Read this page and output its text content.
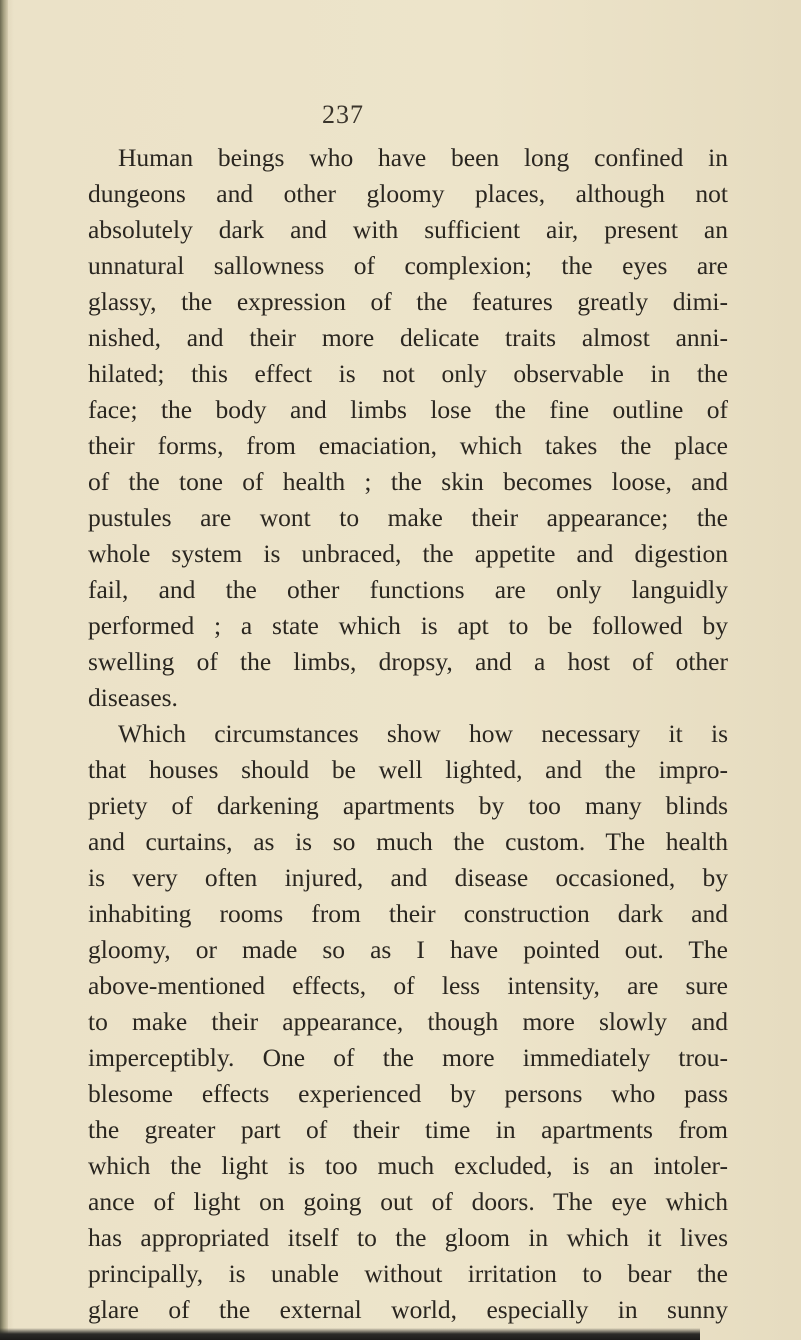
237
Human beings who have been long confined in
dungeons and other gloomy places, although not
absolutely dark and with sufficient air, present an
unnatural sallowness of complexion; the eyes are
glassy, the expression of the features greatly dimi-
nished, and their more delicate traits almost anni-
hilated; this effect is not only observable in the
face; the body and limbs lose the fine outline of
their forms, from emaciation, which takes the place
of the tone of health ; the skin becomes loose, and
pustules are wont to make their appearance; the
whole system is unbraced, the appetite and digestion
fail, and the other functions are only languidly
performed ; a state which is apt to be followed by
swelling of the limbs, dropsy, and a host of other
diseases.
Which circumstances show how necessary it is
that houses should be well lighted, and the impro-
priety of darkening apartments by too many blinds
and curtains, as is so much the custom. The health
is very often injured, and disease occasioned, by
inhabiting rooms from their construction dark and
gloomy, or made so as I have pointed out. The
above-mentioned effects, of less intensity, are sure
to make their appearance, though more slowly and
imperceptibly. One of the more immediately trou-
blesome effects experienced by persons who pass
the greater part of their time in apartments from
which the light is too much excluded, is an intoler-
ance of light on going out of doors. The eye which
has appropriated itself to the gloom in which it lives
principally, is unable without irritation to bear the
glare of the external world, especially in sunny
